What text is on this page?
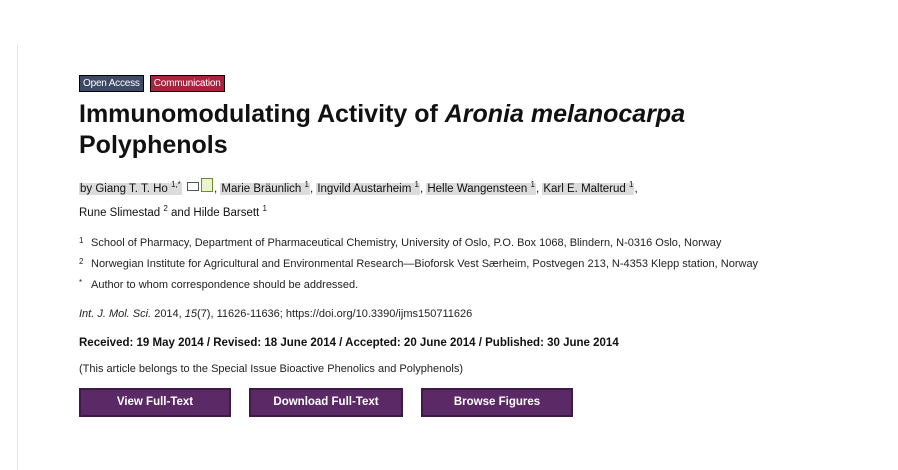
Open Access	Communication
Immunomodulating Activity of Aronia melanocarpa
Polyphenols
by Giang T. T. Ho $^{1,*}$	, Marie Bräunlich $^1$, Ingvild Austarheim $^1$, Helle Wangensteen $^1$, Karl E. Malterud $^1$,
Rune Slimestad $^2$ and Hilde Barsett $^1$
1 School of Pharmacy, Department of Pharmaceutical Chemistry, University of Oslo, P.O. Box 1068, Blindern, N-0316 Oslo, Norway
2 Norwegian Institute for Agricultural and Environmental Research—Bioforsk Vest Særheim, Postvegen 213, N-4353 Klepp station, Norway
* Author to whom correspondence should be addressed.
Int. J. Mol. Sci. 2014, 15(7), 11626-11636; https://doi.org/10.3390/ijms150711626
Received: 19 May 2014 / Revised: 18 June 2014 / Accepted: 20 June 2014 / Published: 30 June 2014
(This article belongs to the Special Issue Bioactive Phenolics and Polyphenols)
View Full-Text	Download Full-Text	Browse Figures
